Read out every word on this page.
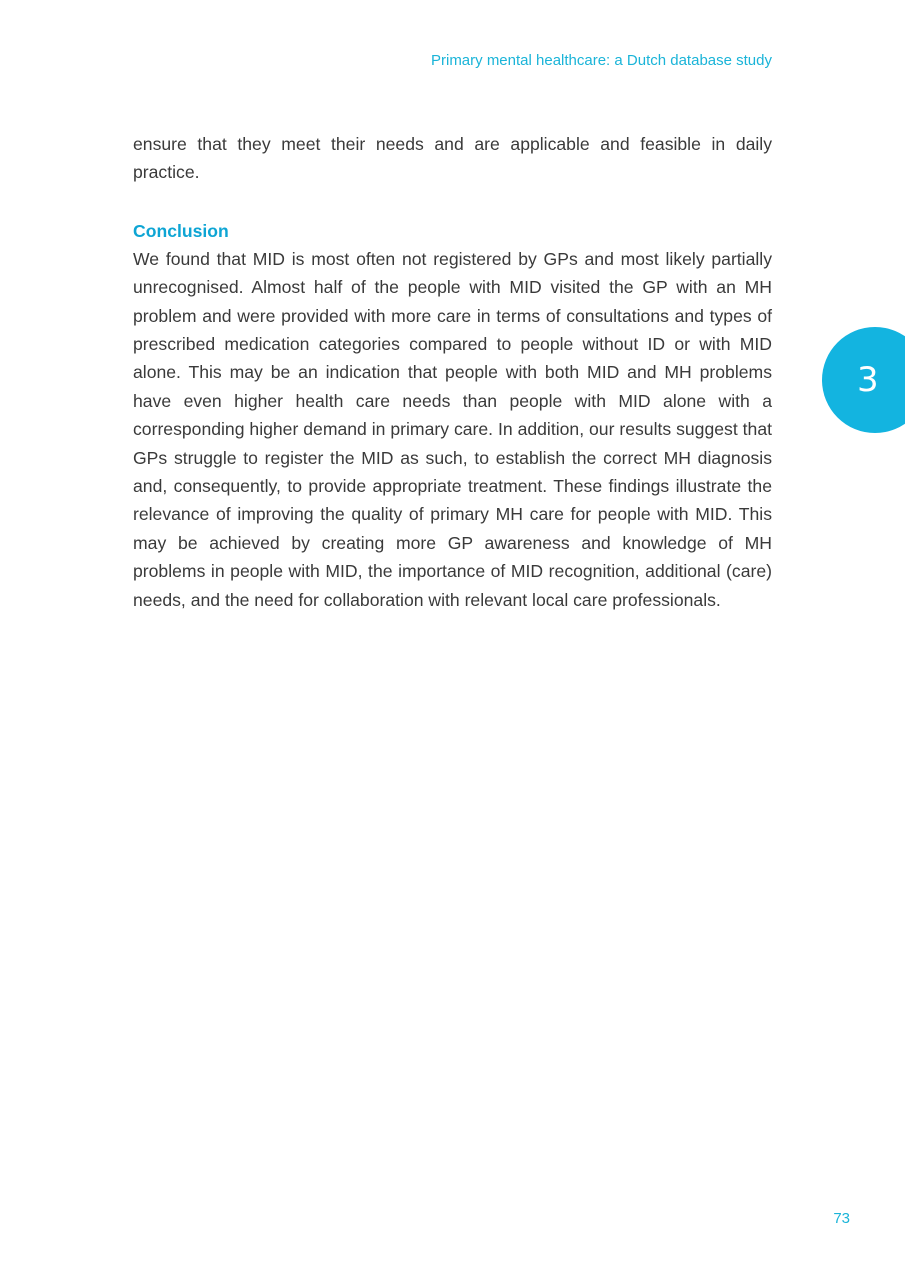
Primary mental healthcare: a Dutch database study

ensure that they meet their needs and are applicable and feasible in daily practice.

Conclusion

We found that MID is most often not registered by GPs and most likely partially unrecognised. Almost half of the people with MID visited the GP with an MH problem and were provided with more care in terms of consultations and types of prescribed medication categories compared to people without ID or with MID alone. This may be an indication that people with both MID and MH problems have even higher health care needs than people with MID alone with a corresponding higher demand in primary care. In addition, our results suggest that GPs struggle to register the MID as such, to establish the correct MH diagnosis and, consequently, to provide appropriate treatment. These findings illustrate the relevance of improving the quality of primary MH care for people with MID. This may be achieved by creating more GP awareness and knowledge of MH problems in people with MID, the importance of MID recognition, additional (care) needs, and the need for collaboration with relevant local care professionals.

3
73
